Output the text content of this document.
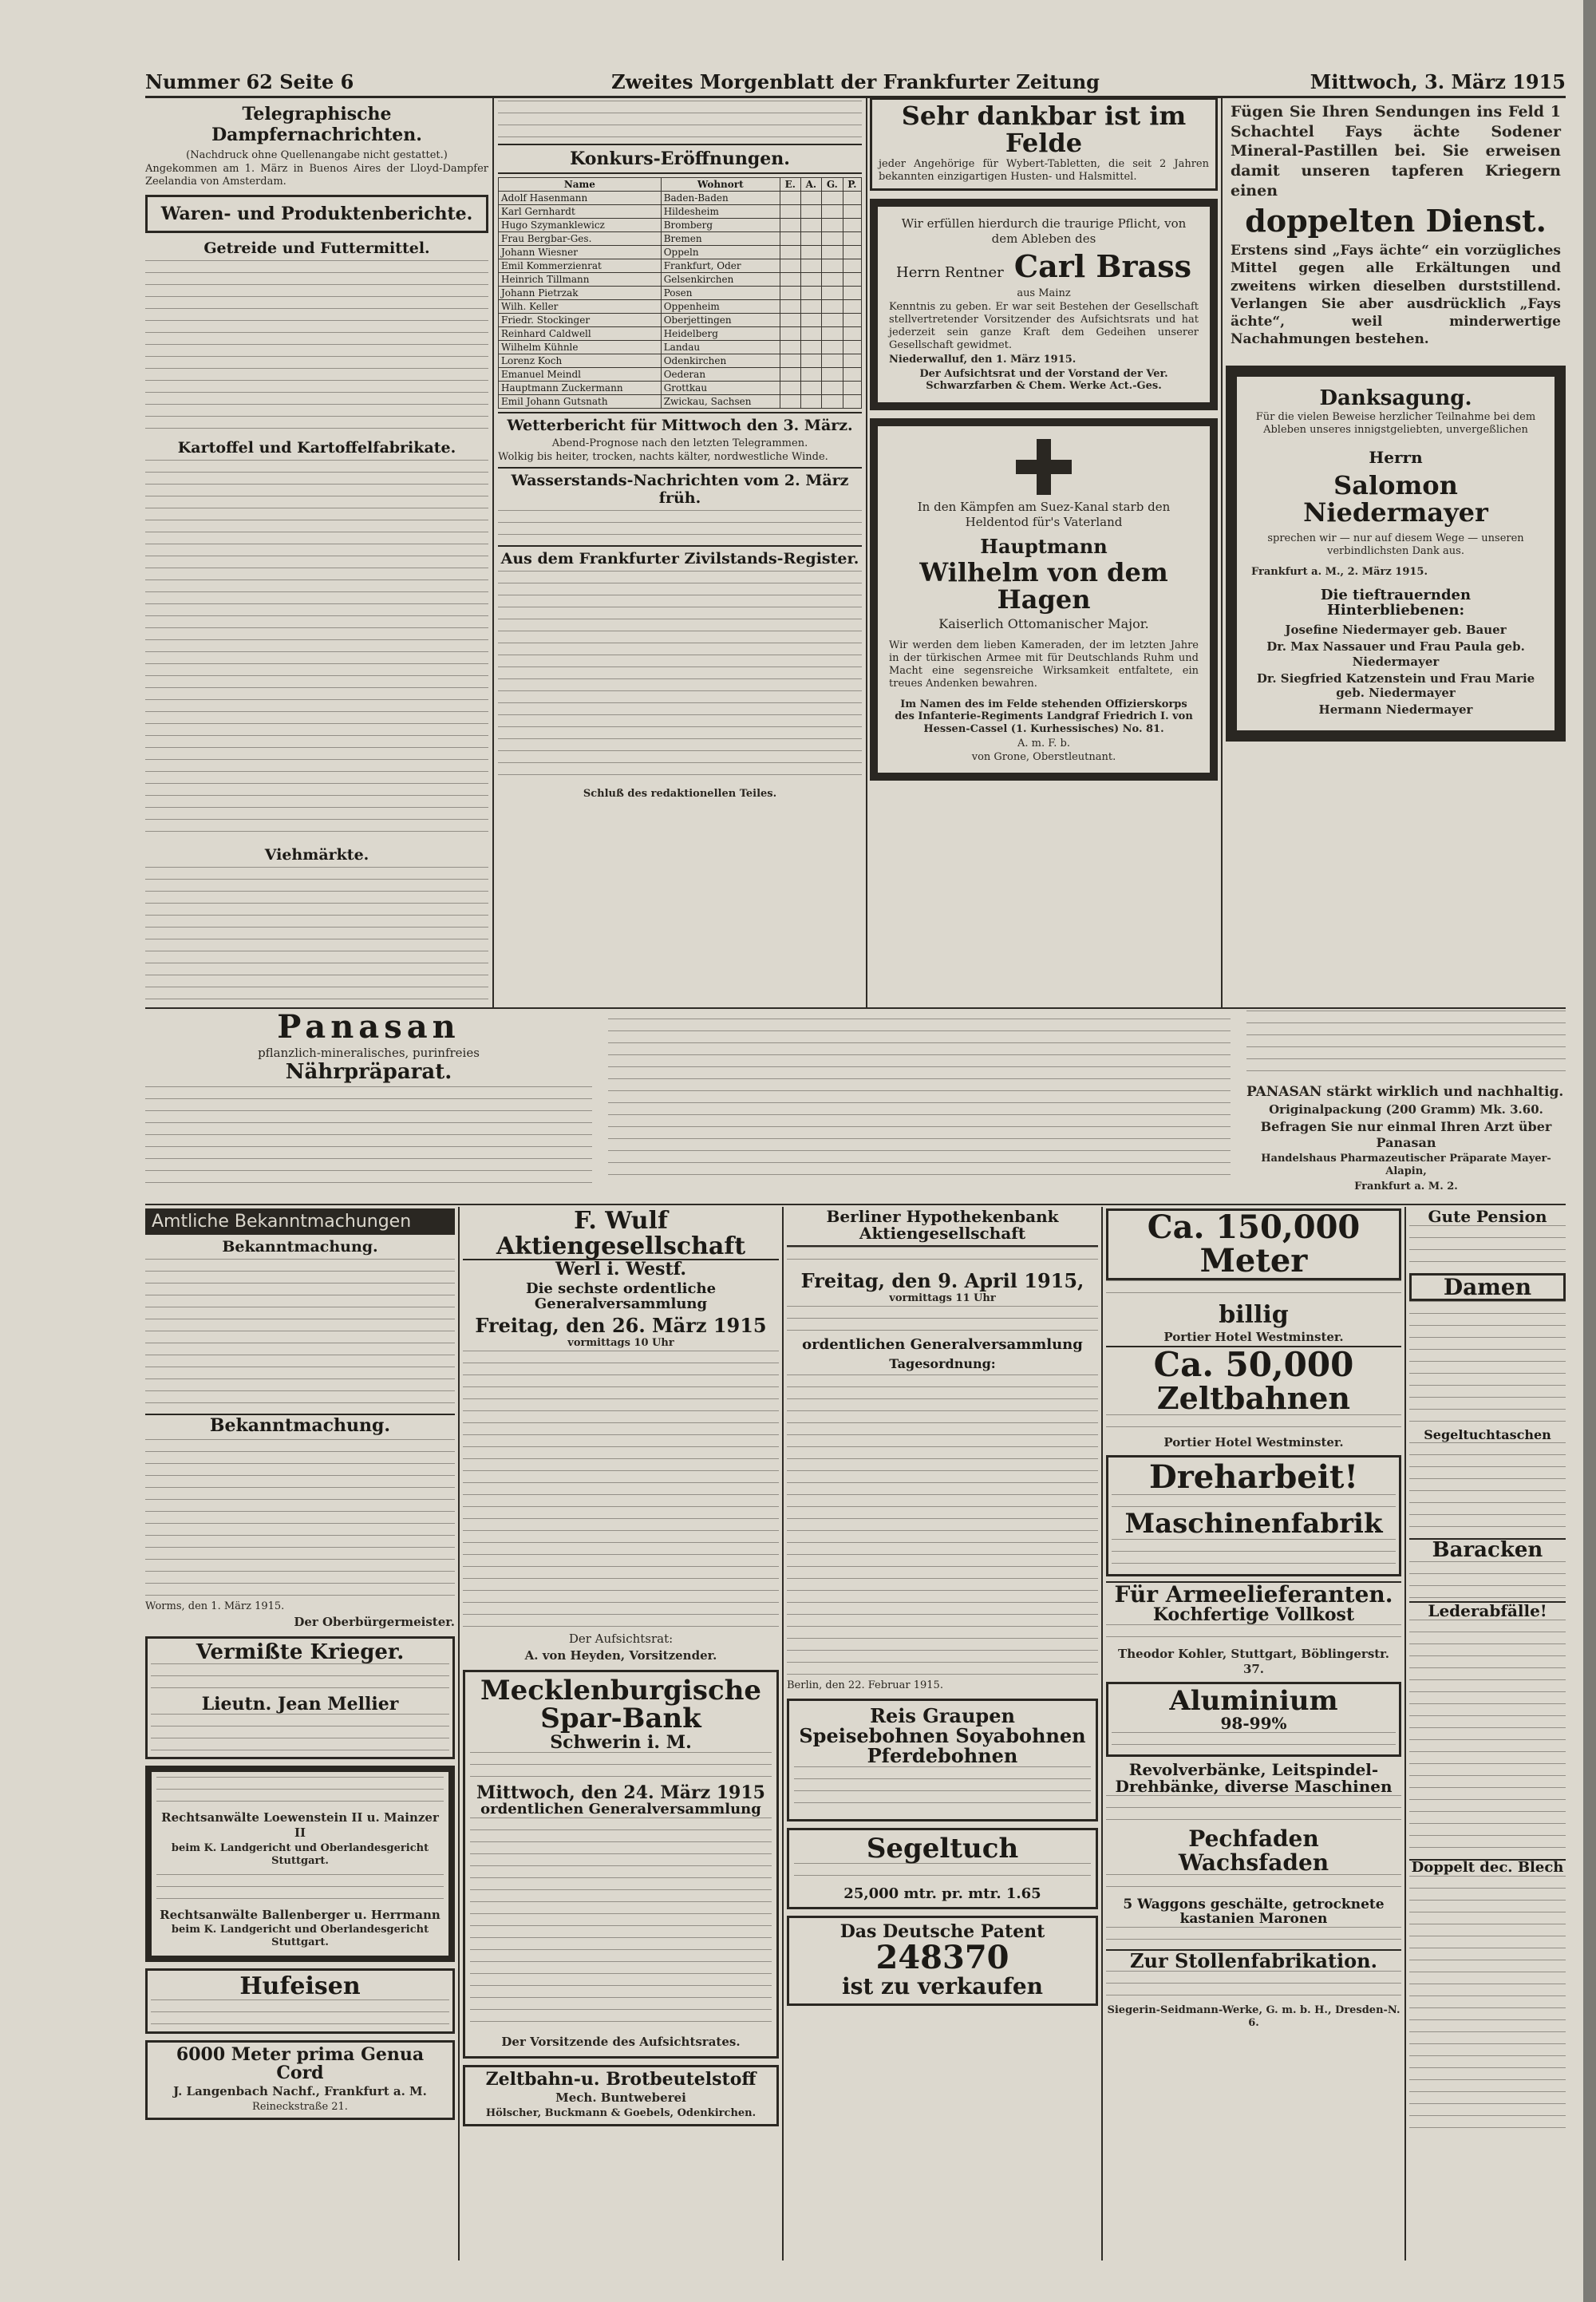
Nummer 62 Seite 6	Zweites Morgenblatt der Frankfurter Zeitung	Mittwoch, 3. März 1915
Telegraphische Dampfernachrichten.
(Nachdruck ohne Quellenangabe nicht gestattet.)
Angekommen am 1. März in Buenos Aires der Lloyd-Dampfer Zeelandia von Amsterdam.
Waren- und Produktenberichte.
Getreide und Futtermittel.
Kartoffel und Kartoffelfabrikate.
Viehmärkte.
Konkurs-Eröffnungen.
Name	Wohnort	E.	A.	G.	P.
Adolf Hasenmann	Baden-Baden				
Karl Gernhardt	Hildesheim				
Hugo Szymanklewicz	Bromberg				
Frau Bergbar-Ges.	Bremen				
Johann Wiesner	Oppeln				
Emil Kommerzienrat	Frankfurt, Oder				
Heinrich Tillmann	Gelsenkirchen				
Johann Pietrzak	Posen				
Wilh. Keller	Oppenheim				
Friedr. Stockinger	Oberjettingen				
Reinhard Caldwell	Heidelberg				
Wilhelm Kühnle	Landau				
Lorenz Koch	Odenkirchen				
Emanuel Meindl	Oederan				
Hauptmann Zuckermann	Grottkau				
Emil Johann Gutsnath	Zwickau, Sachsen				
Wetterbericht für Mittwoch den 3. März.
Abend-Prognose nach den letzten Telegrammen.
Wolkig bis heiter, trocken, nachts kälter, nordwestliche Winde.
Wasserstands-Nachrichten vom 2. März früh.
Aus dem Frankfurter Zivilstands-Register.
Schluß des redaktionellen Teiles.
Sehr dankbar ist im Felde
jeder Angehörige für Wybert-Tabletten, die seit 2 Jahren bekannten einzigartigen Husten- und Halsmittel.
Wir erfüllen hierdurch die traurige Pflicht, von dem Ableben des
Herrn Rentner Carl Brass
aus Mainz
Kenntnis zu geben. Er war seit Bestehen der Gesellschaft stellvertretender Vorsitzender des Aufsichtsrats und hat jederzeit sein ganze Kraft dem Gedeihen unserer Gesellschaft gewidmet.
Niederwalluf, den 1. März 1915.
Der Aufsichtsrat und der Vorstand der Ver. Schwarzfarben & Chem. Werke Act.-Ges.
In den Kämpfen am Suez-Kanal starb den Heldentod für's Vaterland
Hauptmann
Wilhelm von dem Hagen
Kaiserlich Ottomanischer Major.
Wir werden dem lieben Kameraden, der im letzten Jahre in der türkischen Armee mit für Deutschlands Ruhm und Macht eine segensreiche Wirksamkeit entfaltete, ein treues Andenken bewahren.
Im Namen des im Felde stehenden Offizierskorps des Infanterie-Regiments Landgraf Friedrich I. von Hessen-Cassel (1. Kurhessisches) No. 81.
A. m. F. b.
von Grone, Oberstleutnant.
Fügen Sie Ihren Sendungen ins Feld 1 Schachtel Fays ächte Sodener Mineral-Pastillen bei. Sie erweisen damit unseren tapferen Kriegern einen
doppelten Dienst.
Erstens sind „Fays ächte“ ein vorzügliches Mittel gegen alle Erkältungen und zweitens wirken dieselben durststillend. Verlangen Sie aber ausdrücklich „Fays ächte“, weil minderwertige Nachahmungen bestehen.
Danksagung.
Für die vielen Beweise herzlicher Teilnahme bei dem Ableben unseres innigstgeliebten, unvergeßlichen
Herrn
Salomon Niedermayer
sprechen wir — nur auf diesem Wege — unseren verbindlichsten Dank aus.
Frankfurt a. M., 2. März 1915.
Die tieftrauernden Hinterbliebenen:
Josefine Niedermayer geb. Bauer
Dr. Max Nassauer und Frau Paula geb. Niedermayer
Dr. Siegfried Katzenstein und Frau Marie geb. Niedermayer
Hermann Niedermayer
Panasan
pflanzlich-mineralisches, purinfreies
Nährpräparat.
PANASAN stärkt wirklich und nachhaltig.
Originalpackung (200 Gramm) Mk. 3.60.
Befragen Sie nur einmal Ihren Arzt über Panasan
Handelshaus Pharmazeutischer Präparate Mayer-Alapin,
Frankfurt a. M. 2.
Amtliche Bekanntmachungen
Bekanntmachung.
Bekanntmachung.
Worms, den 1. März 1915.
Der Oberbürgermeister.
Vermißte Krieger.
Lieutn. Jean Mellier
Rechtsanwälte Loewenstein II u. Mainzer II
beim K. Landgericht und Oberlandesgericht Stuttgart.
Rechtsanwälte Ballenberger u. Herrmann
beim K. Landgericht und Oberlandesgericht Stuttgart.
Hufeisen
6000 Meter prima Genua Cord
J. Langenbach Nachf., Frankfurt a. M.
Reineckstraße 21.
F. Wulf Aktiengesellschaft
Werl i. Westf.
Die sechste ordentliche Generalversammlung
Freitag, den 26. März 1915
vormittags 10 Uhr
Der Aufsichtsrat:
A. von Heyden, Vorsitzender.
Mecklenburgische Spar-Bank
Schwerin i. M.
Mittwoch, den 24. März 1915
ordentlichen Generalversammlung
Der Vorsitzende des Aufsichtsrates.
Zeltbahn-u. Brotbeutelstoff
Mech. Buntweberei
Hölscher, Buckmann & Goebels, Odenkirchen.
Berliner Hypothekenbank Aktiengesellschaft
Freitag, den 9. April 1915,
vormittags 11 Uhr
ordentlichen Generalversammlung
Tagesordnung:
Berlin, den 22. Februar 1915.
Reis Graupen Speisebohnen Soyabohnen Pferdebohnen
Segeltuch
25,000 mtr. pr. mtr. 1.65
Das Deutsche Patent
248370
ist zu verkaufen
Ca. 150,000 Meter
billig
Portier Hotel Westminster.
Ca. 50,000
Zeltbahnen
Portier Hotel Westminster.
Dreharbeit!
Maschinenfabrik
Für Armeelieferanten.
Kochfertige Vollkost
Theodor Kohler, Stuttgart, Böblingerstr. 37.
Aluminium
98-99%
Revolverbänke, Leitspindel-Drehbänke, diverse Maschinen
Pechfaden
Wachsfaden
5 Waggons geschälte, getrocknete kastanien Maronen
Zur Stollenfabrikation.
Siegerin-Seidmann-Werke, G. m. b. H., Dresden-N. 6.
Gute Pension
Damen
Segeltuchtaschen
Baracken
Lederabfälle!
Doppelt dec. Blech
